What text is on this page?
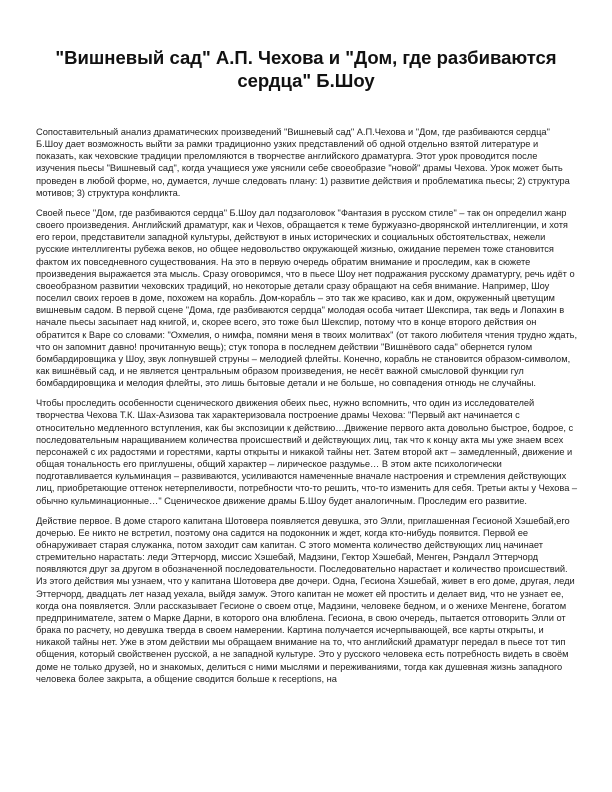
"Вишневый сад" А.П. Чехова и "Дом, где разбиваются сердца" Б.Шоу

Сопоставительный анализ драматических произведений "Вишневый сад" А.П.Чехова и "Дом, где разбиваются сердца" Б.Шоу дает возможность выйти за рамки традиционно узких представлений об одной отдельно взятой литературе и показать, как чеховские традиции преломляются в творчестве английского драматурга. Этот урок проводится после изучения пьесы "Вишневый сад", когда учащиеся уже уяснили себе своеобразие "новой" драмы Чехова. Урок может быть проведен в любой форме, но, думается, лучше следовать плану: 1) развитие действия и проблематика пьесы; 2) структура мотивов; 3) структура конфликта.

Своей пьесе "Дом, где разбиваются сердца" Б.Шоу дал подзаголовок "Фантазия в русском стиле" – так он определил жанр своего произведения. Английский драматург, как и Чехов, обращается к теме буржуазно-дворянской интеллигенции, и хотя его герои, представители западной культуры, действуют в иных исторических и социальных обстоятельствах, нежели русские интеллигенты рубежа веков, но общее недовольство окружающей жизнью, ожидание перемен тоже становится фактом их повседневного существования. На это в первую очередь обратим внимание и проследим, как в сюжете произведения выражается эта мысль. Сразу оговоримся, что в пьесе Шоу нет подражания русскому драматургу, речь идёт о своеобразном развитии чеховских традиций, но некоторые детали сразу обращают на себя внимание. Например, Шоу поселил своих героев в доме, похожем на корабль. Дом-корабль – это так же красиво, как и дом, окруженный цветущим вишневым садом. В первой сцене "Дома, где разбиваются сердца" молодая особа читает Шекспира, так ведь и Лопахин в начале пьесы засыпает над книгой, и, скорее всего, это тоже был Шекспир, потому что в конце второго действия он обратится к Варе со словами: "Охмелия, о нимфа, помяни меня в твоих молитвах" (от такого любителя чтения трудно ждать, что он запомнит давно! прочитанную вещь); стук топора в последнем действии "Вишнёвого сада" обернется гулом бомбардировщика у Шоу, звук лопнувшей струны – мелодией флейты. Конечно, корабль не становится образом-символом, как вишнёвый сад, и не является центральным образом произведения, не несёт важной смысловой функции гул бомбардировщика и мелодия флейты, это лишь бытовые детали и не больше, но совпадения отнюдь не случайны.

Чтобы проследить особенности сценического движения обеих пьес, нужно вспомнить, что один из исследователей творчества Чехова Т.К. Шах-Азизова так характеризовала построение драмы Чехова: "Первый акт начинается с относительно медленного вступления, как бы экспозиции к действию…Движение первого акта довольно быстрое, бодрое, с последовательным наращиванием количества происшествий и действующих лиц, так что к концу акта мы уже знаем всех персонажей с их радостями и горестями, карты открыты и никакой тайны нет. Затем второй акт – замедленный, движение и общая тональность его приглушены, общий характер – лирическое раздумье… В этом акте психологически подготавливается кульминация – развиваются, усиливаются намеченные вначале настроения и стремления действующих лиц, приобретающие оттенок нетерпеливости, потребности что-то решить, что-то изменить для себя. Третьи акты у Чехова – обычно кульминационные…" Сценическое движение драмы Б.Шоу будет аналогичным. Проследим его развитие.

Действие первое. В доме старого капитана Шотовера появляется девушка, это Элли, приглашенная Гесионой Хэшебай,его дочерью. Ее никто не встретил, поэтому она садится на подоконник и ждет, когда кто-нибудь появится. Первой ее обнаруживает старая служанка, потом заходит сам капитан. С этого момента количество действующих лиц начинает стремительно нарастать: леди Эттерчорд, миссис Хэшебай, Мадзини, Гектор Хэшебай, Менген, Рэндалл Эттерчорд появляются друг за другом в обозначенной последовательности. Последовательно нарастает и количество происшествий. Из этого действия мы узнаем, что у капитана Шотовера две дочери. Одна, Гесиона Хэшебай, живет в его доме, другая, леди Эттерчорд, двадцать лет назад уехала, выйдя замуж. Этого капитан не может ей простить и делает вид, что не узнает ее, когда она появляется. Элли рассказывает Гесионе о своем отце, Мадзини, человеке бедном, и о женихе Менгене, богатом предпринимателе, затем о Марке Дарни, в которого она влюблена. Гесиона, в свою очередь, пытается отговорить Элли от брака по расчету, но девушка тверда в своем намерении. Картина получается исчерпывающей, все карты открыты, и никакой тайны нет. Уже в этом действии мы обращаем внимание на то, что английский драматург передал в пьесе тот тип общения, который свойственен русской, а не западной культуре. Это у русского человека есть потребность видеть в своём доме не только друзей, но и знакомых, делиться с ними мыслями и переживаниями, тогда как душевная жизнь западного человека более закрыта, а общение сводится больше к receptions, на
